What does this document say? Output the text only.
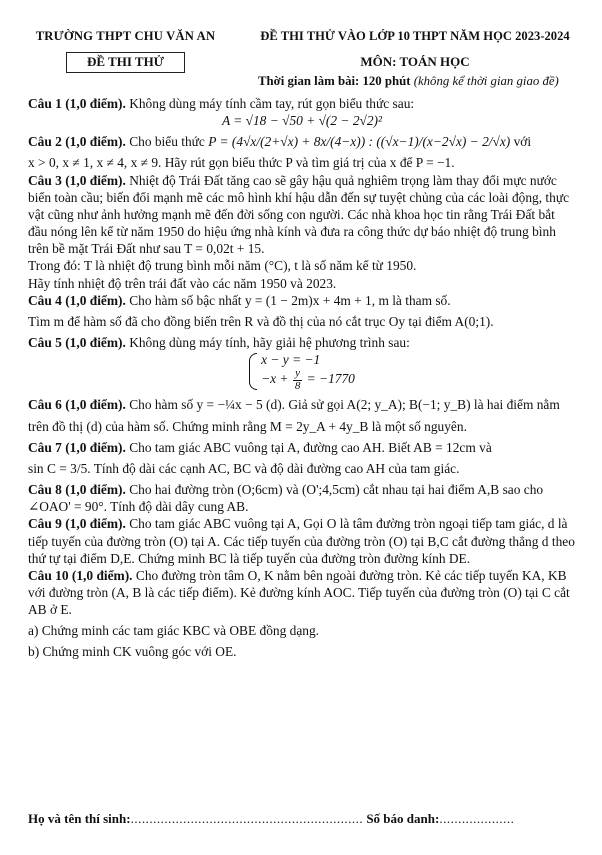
TRƯỜNG THPT CHU VĂN AN
ĐỀ THI THỬ
ĐỀ THI THỬ VÀO LỚP 10 THPT NĂM HỌC 2023-2024
MÔN: TOÁN HỌC
Thời gian làm bài: 120 phút (không kể thời gian giao đề)

Câu 1 (1,0 điểm). Không dùng máy tính cầm tay, rút gọn biểu thức sau:

A = √18 − √50 + √(2 − 2√2)²

Câu 2 (1,0 điểm). Cho biểu thức P = (4√x/(2+√x) + 8x/(4−x)) : ((√x−1)/(x−2√x) − 2/√x) với

x > 0, x ≠ 1, x ≠ 4, x ≠ 9. Hãy rút gọn biểu thức P và tìm giá trị của x để P = −1.

Câu 3 (1,0 điểm). Nhiệt độ Trái Đất tăng cao sẽ gây hậu quả nghiêm trọng làm thay đổi mực nước biển toàn cầu; biến đổi mạnh mẽ các mô hình khí hậu dẫn đến sự tuyệt chủng của các loài động, thực vật cũng như ảnh hưởng mạnh mẽ đến đời sống con người. Các nhà khoa học tin rằng Trái Đất bắt đầu nóng lên kể từ năm 1950 do hiệu ứng nhà kính và đưa ra công thức dự báo nhiệt độ trung bình trên bề mặt Trái Đất như sau T = 0,02t + 15.

Trong đó: T là nhiệt độ trung bình mỗi năm (°C), t là số năm kể từ 1950.

Hãy tính nhiệt độ trên trái đất vào các năm 1950 và 2023.

Câu 4 (1,0 điểm). Cho hàm số bậc nhất y = (1 − 2m)x + 4m + 1, m là tham số.

Tìm m để hàm số đã cho đồng biến trên R và đồ thị của nó cắt trục Oy tại điểm A(0;1).

Câu 5 (1,0 điểm). Không dùng máy tính, hãy giải hệ phương trình sau:

x − y = −1
$-x + \frac{y}{8} = -1770$

Câu 6 (1,0 điểm). Cho hàm số y = −¼x − 5 (d). Giả sử gọi A(2; y_A); B(−1; y_B) là hai điểm nằm

trên đồ thị (d) của hàm số. Chứng minh rằng M = 2y_A + 4y_B là một số nguyên.

Câu 7 (1,0 điểm). Cho tam giác ABC vuông tại A, đường cao AH. Biết AB = 12cm và

sin C = 3/5. Tính độ dài các cạnh AC, BC và độ dài đường cao AH của tam giác.

Câu 8 (1,0 điểm). Cho hai đường tròn (O;6cm) và (O';4,5cm) cắt nhau tại hai điểm A,B sao cho

∠OAO' = 90°. Tính độ dài dây cung AB.

Câu 9 (1,0 điểm). Cho tam giác ABC vuông tại A, Gọi O là tâm đường tròn ngoại tiếp tam giác, d là tiếp tuyến của đường tròn (O) tại A. Các tiếp tuyến của đường tròn (O) tại B,C cắt đường thẳng d theo thứ tự tại điểm D,E. Chứng minh BC là tiếp tuyến của đường tròn đường kính DE.

Câu 10 (1,0 điểm). Cho đường tròn tâm O, K nằm bên ngoài đường tròn. Kẻ các tiếp tuyến KA, KB với đường tròn (A, B là các tiếp điểm). Kẻ đường kính AOC. Tiếp tuyến của đường tròn (O) tại C cắt AB ở E.

a) Chứng minh các tam giác KBC và OBE đồng dạng.

b) Chứng minh CK vuông góc với OE.

Họ và tên thí sinh:.............................................................. Số báo danh:....................
